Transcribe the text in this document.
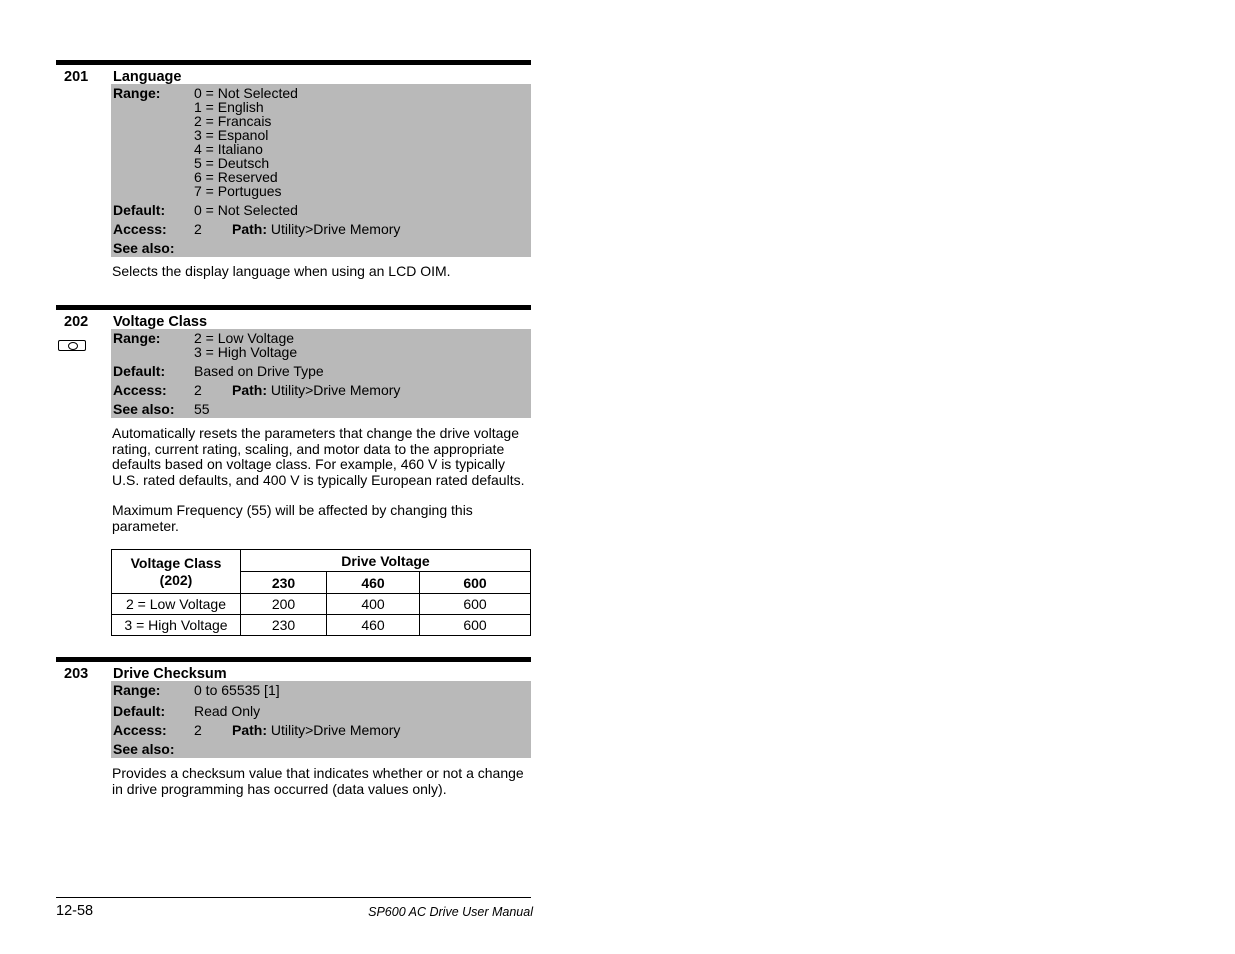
201 Language
Range:	0 = Not Selected
1 = English
2 = Francais
3 = Espanol
4 = Italiano
5 = Deutsch
6 = Reserved
7 = Portugues
Default:	0 = Not Selected
Access:	2 Path: Utility>Drive Memory
See also:
Selects the display language when using an LCD OIM.
202 Voltage Class
Range:	2 = Low Voltage
3 = High Voltage
Default:	Based on Drive Type
Access:	2 Path: Utility>Drive Memory
See also:	55
Automatically resets the parameters that change the drive voltage rating, current rating, scaling, and motor data to the appropriate defaults based on voltage class. For example, 460 V is typically U.S. rated defaults, and 400 V is typically European rated defaults.
Maximum Frequency (55) will be affected by changing this parameter.
Voltage Class
(202)	Drive Voltage		
	230	460	600
2 = Low Voltage	200	400	600
3 = High Voltage	230	460	600
203 Drive Checksum
Range:	0 to 65535 [1]
Default:	Read Only
Access:	2 Path: Utility>Drive Memory
See also:
Provides a checksum value that indicates whether or not a change in drive programming has occurred (data values only).
12-58	SP600 AC Drive User Manual
